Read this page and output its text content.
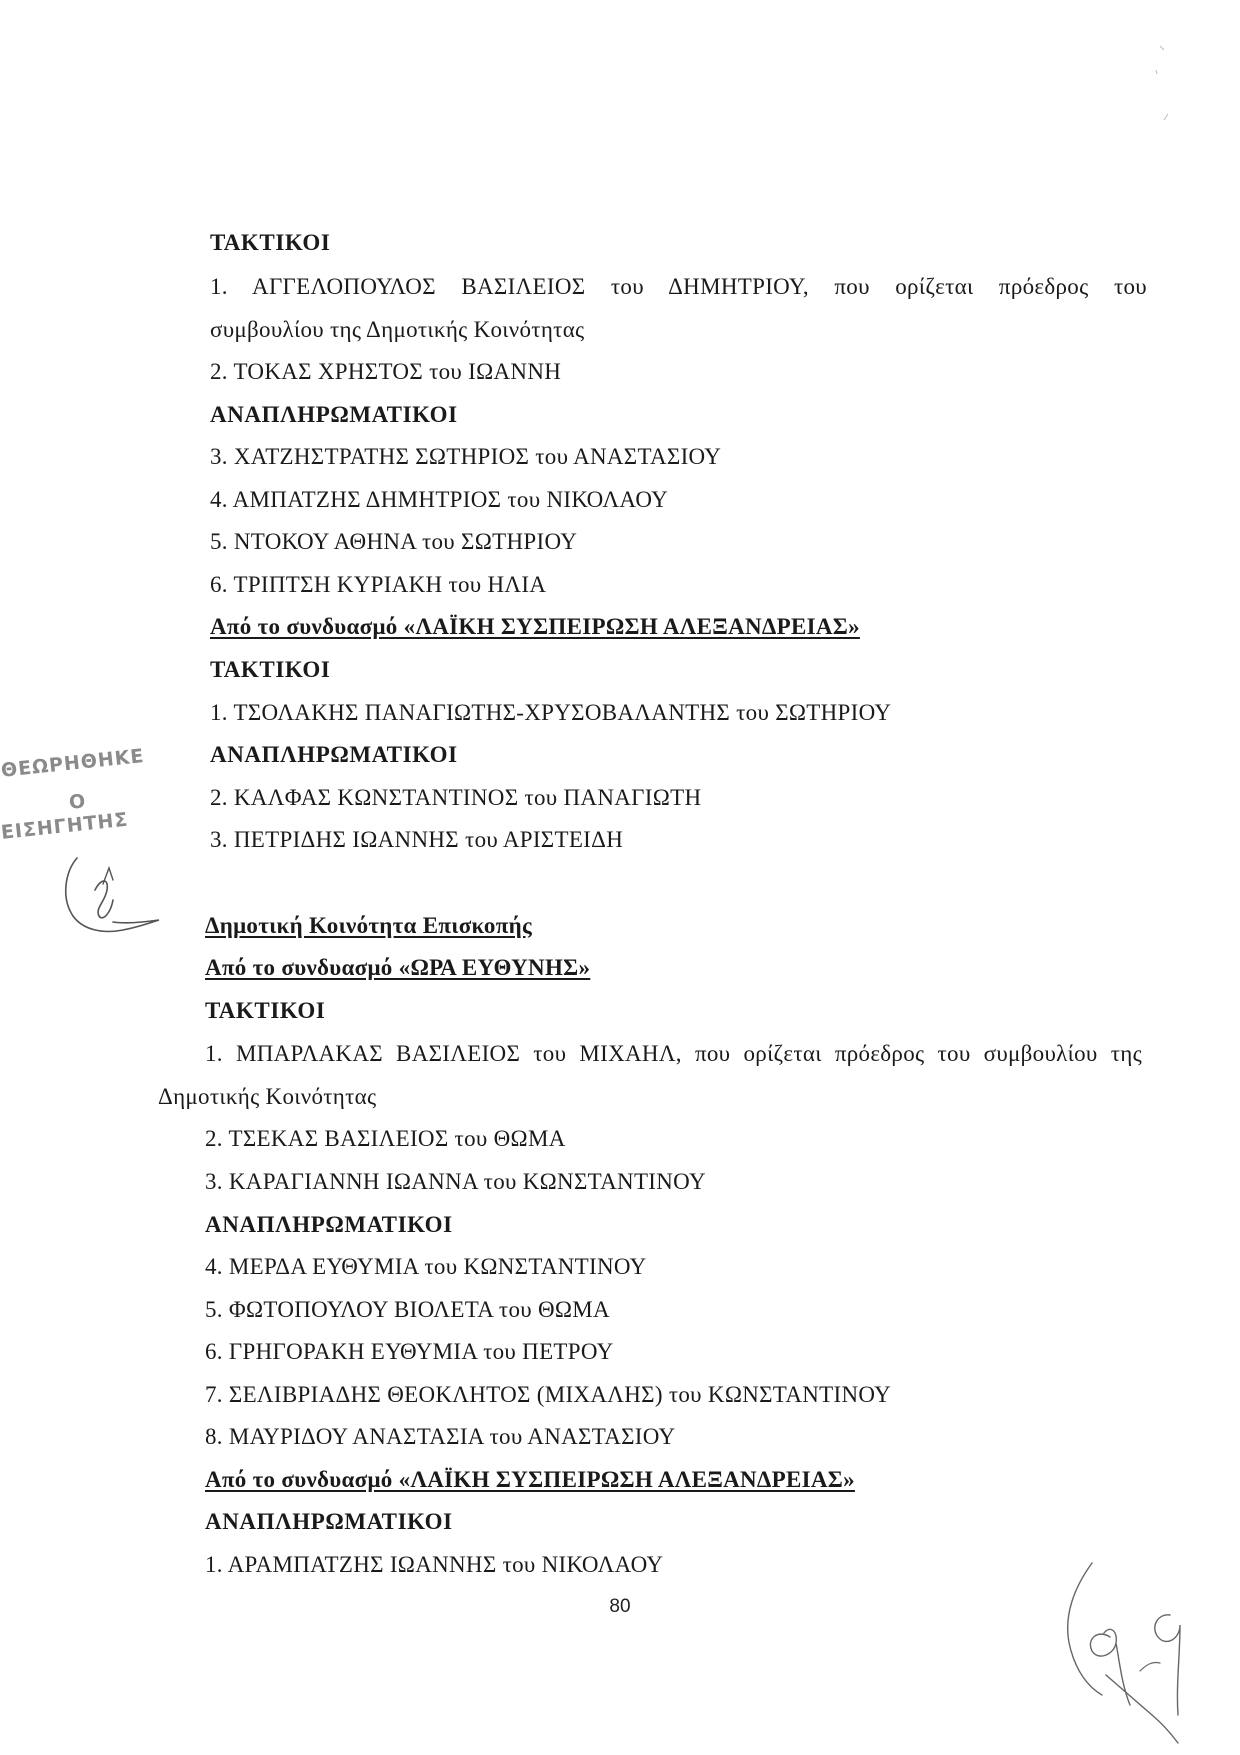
ΤΑΚΤΙΚΟΙ
1. ΑΓΓΕΛΟΠΟΥΛΟΣ ΒΑΣΙΛΕΙΟΣ του ΔΗΜΗΤΡΙΟΥ, που ορίζεται πρόεδρος του
συμβουλίου της Δημοτικής Κοινότητας
2. ΤΟΚΑΣ ΧΡΗΣΤΟΣ του ΙΩΑΝΝΗ
ΑΝΑΠΛΗΡΩΜΑΤΙΚΟΙ
3. ΧΑΤΖΗΣΤΡΑΤΗΣ ΣΩΤΗΡΙΟΣ του ΑΝΑΣΤΑΣΙΟΥ
4. ΑΜΠΑΤΖΗΣ ΔΗΜΗΤΡΙΟΣ του ΝΙΚΟΛΑΟΥ
5. ΝΤΟΚΟΥ ΑΘΗΝΑ του ΣΩΤΗΡΙΟΥ
6. ΤΡΙΠΤΣΗ ΚΥΡΙΑΚΗ του ΗΛΙΑ
Από το συνδυασμό «ΛΑΪΚΗ ΣΥΣΠΕΙΡΩΣΗ ΑΛΕΞΑΝΔΡΕΙΑΣ»
ΤΑΚΤΙΚΟΙ
1. ΤΣΟΛΑΚΗΣ ΠΑΝΑΓΙΩΤΗΣ-ΧΡΥΣΟΒΑΛΑΝΤΗΣ του ΣΩΤΗΡΙΟΥ
ΑΝΑΠΛΗΡΩΜΑΤΙΚΟΙ
2. ΚΑΛΦΑΣ ΚΩΝΣΤΑΝΤΙΝΟΣ του ΠΑΝΑΓΙΩΤΗ
3. ΠΕΤΡΙΔΗΣ ΙΩΑΝΝΗΣ του ΑΡΙΣΤΕΙΔΗ
Δημοτική Κοινότητα Επισκοπής
Από το συνδυασμό «ΩΡΑ ΕΥΘΥΝΗΣ»
ΤΑΚΤΙΚΟΙ
1. ΜΠΑΡΛΑΚΑΣ ΒΑΣΙΛΕΙΟΣ του ΜΙΧΑΗΛ, που ορίζεται πρόεδρος του συμβουλίου της
Δημοτικής Κοινότητας
2. ΤΣΕΚΑΣ ΒΑΣΙΛΕΙΟΣ του ΘΩΜΑ
3. ΚΑΡΑΓΙΑΝΝΗ ΙΩΑΝΝΑ του ΚΩΝΣΤΑΝΤΙΝΟΥ
ΑΝΑΠΛΗΡΩΜΑΤΙΚΟΙ
4. ΜΕΡΔΑ ΕΥΘΥΜΙΑ του ΚΩΝΣΤΑΝΤΙΝΟΥ
5. ΦΩΤΟΠΟΥΛΟΥ ΒΙΟΛΕΤΑ του ΘΩΜΑ
6. ΓΡΗΓΟΡΑΚΗ ΕΥΘΥΜΙΑ του ΠΕΤΡΟΥ
7. ΣΕΛΙΒΡΙΑΔΗΣ ΘΕΟΚΛΗΤΟΣ (ΜΙΧΑΛΗΣ) του ΚΩΝΣΤΑΝΤΙΝΟΥ
8. ΜΑΥΡΙΔΟΥ ΑΝΑΣΤΑΣΙΑ του ΑΝΑΣΤΑΣΙΟΥ
Από το συνδυασμό «ΛΑΪΚΗ ΣΥΣΠΕΙΡΩΣΗ ΑΛΕΞΑΝΔΡΕΙΑΣ»
ΑΝΑΠΛΗΡΩΜΑΤΙΚΟΙ
1. ΑΡΑΜΠΑΤΖΗΣ ΙΩΑΝΝΗΣ του ΝΙΚΟΛΑΟΥ
80
ΘΕΩΡΗΘΗΚΕ
Ο
ΕΙΣΗΓΗΤΗΣ
